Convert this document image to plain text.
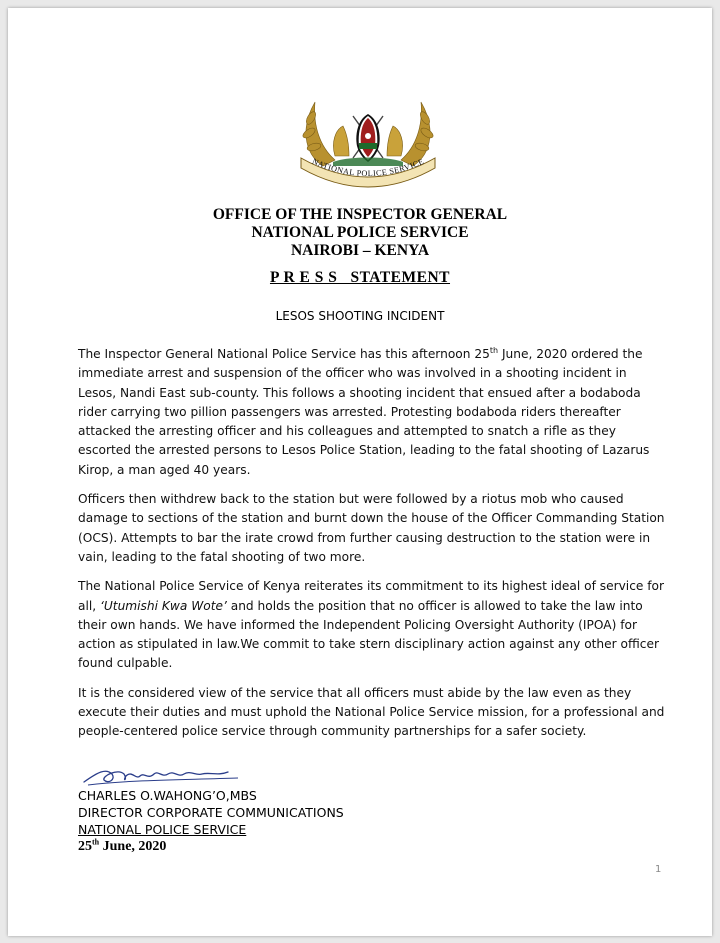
NATIONAL POLICE SERVICE
OFFICE OF THE INSPECTOR GENERAL
NATIONAL POLICE SERVICE
NAIROBI – KENYA
P R E S S   STATEMENT
LESOS SHOOTING INCIDENT

The Inspector General National Police Service has this afternoon 25th June, 2020 ordered the immediate arrest and suspension of the officer who was involved in a shooting incident in Lesos, Nandi East sub-county. This follows a shooting incident that ensued after a bodaboda rider carrying two pillion passengers was arrested. Protesting bodaboda riders thereafter attacked the arresting officer and his colleagues and attempted to snatch a rifle as they escorted the arrested persons to Lesos Police Station, leading to the fatal shooting of Lazarus Kirop, a man aged 40 years.

Officers then withdrew back to the station but were followed by a riotus mob who caused damage to sections of the station and burnt down the house of the Officer Commanding Station (OCS). Attempts to bar the irate crowd from further causing destruction to the station were in vain, leading to the fatal shooting of two more.

The National Police Service of Kenya reiterates its commitment to its highest ideal of service for all, ‘Utumishi Kwa Wote’ and holds the position that no officer is allowed to take the law into their own hands. We have informed the Independent Policing Oversight Authority (IPOA) for action as stipulated in law.We commit to take stern disciplinary action against any other officer found culpable.

It is the considered view of the service that all officers must abide by the law even as they execute their duties and must uphold the National Police Service mission, for a professional and people-centered police service through community partnerships for a safer society.

CHARLES O.WAHONG’O,MBS
DIRECTOR CORPORATE COMMUNICATIONS
NATIONAL POLICE SERVICE
25th June, 2020
1
